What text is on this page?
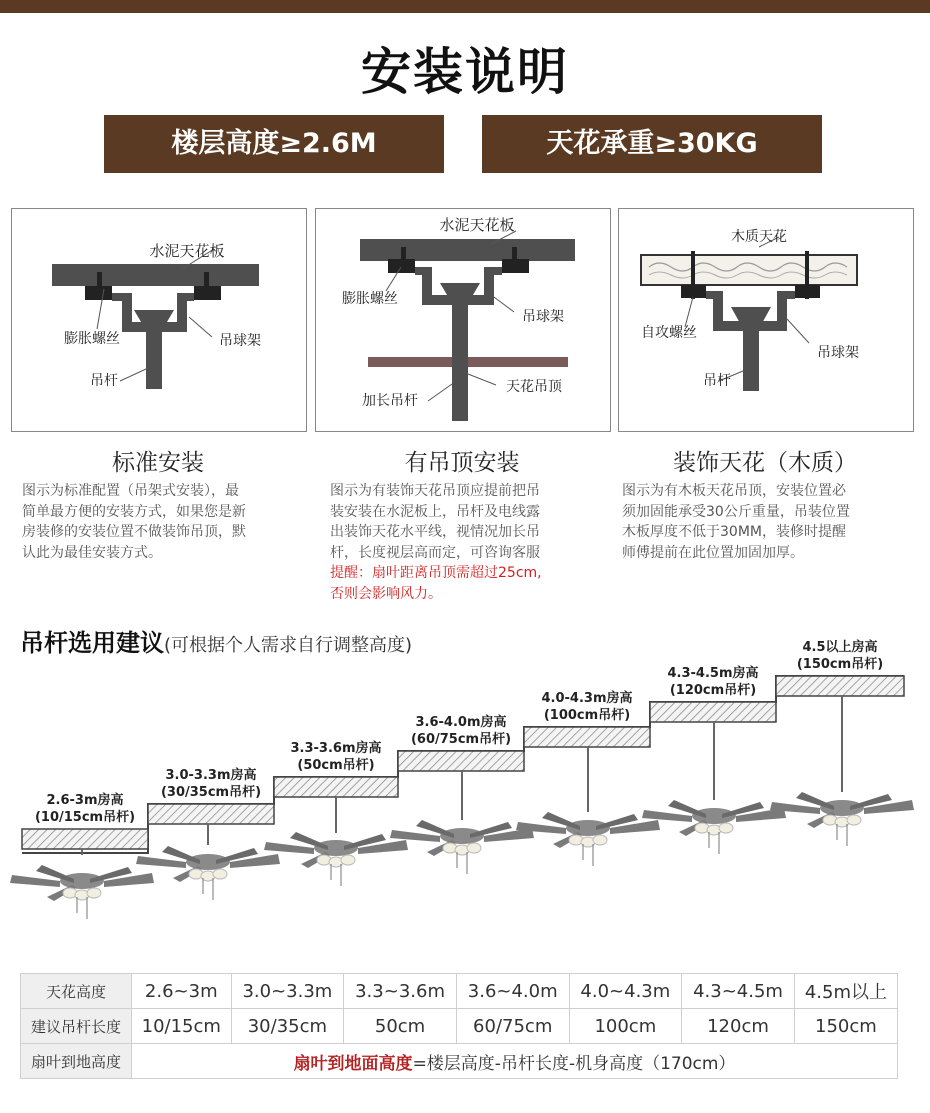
安装说明
楼层高度≥2.6M	天花承重≥30KG
水泥天花板
膨胀螺丝	吊球架
吊杆
水泥天花板
膨胀螺丝
吊球架
天花吊顶
加长吊杆
木质天花
自攻螺丝
吊球架
吊杆
标准安装	有吊顶安装	装饰天花（木质）
图示为标准配置（吊架式安装），最
简单最方便的安装方式，如果您是新
房装修的安装位置不做装饰吊顶，默
认此为最佳安装方式。
图示为有装饰天花吊顶应提前把吊
装安装在水泥板上，吊杆及电线露
出装饰天花水平线，视情况加长吊
杆，长度视层高而定，可咨询客服
提醒：扇叶距离吊顶需超过25cm,
否则会影响风力。
图示为有木板天花吊顶，安装位置必
须加固能承受30公斤重量，吊装位置
木板厚度不低于30MM，装修时提醒
师傅提前在此位置加固加厚。
吊杆选用建议(可根据个人需求自行调整高度)
2.6-3m房高
(10/15cm吊杆)
3.0-3.3m房高
(30/35cm吊杆)
3.3-3.6m房高
(50cm吊杆)
3.6-4.0m房高
(60/75cm吊杆)
4.0-4.3m房高
(100cm吊杆)
4.3-4.5m房高
(120cm吊杆)
4.5以上房高
(150cm吊杆)
天花高度	2.6~3m	3.0~3.3m	3.3~3.6m	3.6~4.0m	4.0~4.3m	4.3~4.5m	4.5m以上
建议吊杆长度	10/15cm	30/35cm	50cm	60/75cm	100cm	120cm	150cm
扇叶到地高度	扇叶到地面高度=楼层高度-吊杆长度-机身高度（170cm）						
